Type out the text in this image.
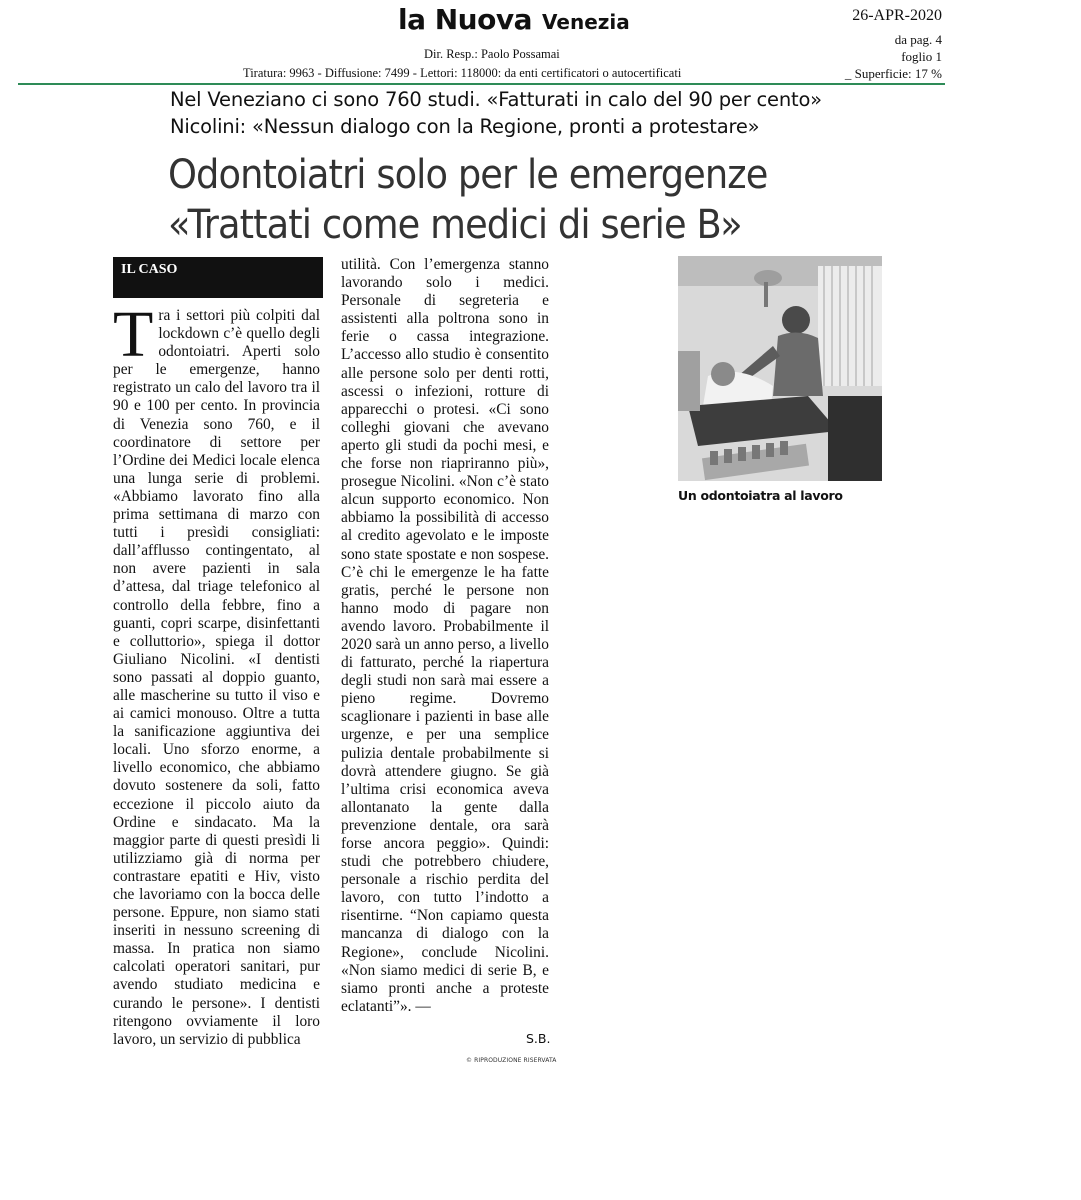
la Nuova Venezia
Dir. Resp.: Paolo Possamai
Tiratura: 9963 - Diffusione: 7499 - Lettori: 118000: da enti certificatori o autocertificati
26-APR-2020
da pag. 4
foglio 1
_ Superficie: 17 %
Nel Veneziano ci sono 760 studi. «Fatturati in calo del 90 per cento»
Nicolini: «Nessun dialogo con la Regione, pronti a protestare»
Odontoiatri solo per le emergenze
«Trattati come medici di serie B»
IL CASO
Tra i settori più colpiti dal lockdown c’è quello degli odontoiatri. Aperti solo per le emergenze, hanno registrato un calo del lavoro tra il 90 e 100 per cento. In provincia di Venezia sono 760, e il coordinatore di settore per l’Ordine dei Medici locale elenca una lunga serie di problemi. «Abbiamo lavorato fino alla prima settimana di marzo con tutti i presìdi consigliati: dall’afflusso contingentato, al non avere pazienti in sala d’attesa, dal triage telefonico al controllo della febbre, fino a guanti, copri scarpe, disinfettanti e colluttorio», spiega il dottor Giuliano Nicolini. «I dentisti sono passati al doppio guanto, alle mascherine su tutto il viso e ai camici monouso. Oltre a tutta la sanificazione aggiuntiva dei locali. Uno sforzo enorme, a livello economico, che abbiamo dovuto sostenere da soli, fatto eccezione il piccolo aiuto da Ordine e sindacato. Ma la maggior parte di questi presìdi li utilizziamo già di norma per contrastare epatiti e Hiv, visto che lavoriamo con la bocca delle persone. Eppure, non siamo stati inseriti in nessuno screening di massa. In pratica non siamo calcolati operatori sanitari, pur avendo studiato medicina e curando le persone». I dentisti ritengono ovviamente il loro lavoro, un servizio di pubblica
utilità. Con l’emergenza stanno lavorando solo i medici. Personale di segreteria e assistenti alla poltrona sono in ferie o cassa integrazione. L’accesso allo studio è consentito alle persone solo per denti rotti, ascessi o infezioni, rotture di apparecchi o protesi. «Ci sono colleghi giovani che avevano aperto gli studi da pochi mesi, e che forse non riapriranno più», prosegue Nicolini. «Non c’è stato alcun supporto economico. Non abbiamo la possibilità di accesso al credito agevolato e le imposte sono state spostate e non sospese. C’è chi le emergenze le ha fatte gratis, perché le persone non hanno modo di pagare non avendo lavoro. Probabilmente il 2020 sarà un anno perso, a livello di fatturato, perché la riapertura degli studi non sarà mai essere a pieno regime. Dovremo scaglionare i pazienti in base alle urgenze, e per una semplice pulizia dentale probabilmente si dovrà attendere giugno. Se già l’ultima crisi economica aveva allontanato la gente dalla prevenzione dentale, ora sarà forse ancora peggio». Quindi: studi che potrebbero chiudere, personale a rischio perdita del lavoro, con tutto l’indotto a risentirne. “Non capiamo questa mancanza di dialogo con la Regione», conclude Nicolini. «Non siamo medici di serie B, e siamo pronti anche a proteste eclatanti”». —
S.B.
© RIPRODUZIONE RISERVATA
Un odontoiatra al lavoro
